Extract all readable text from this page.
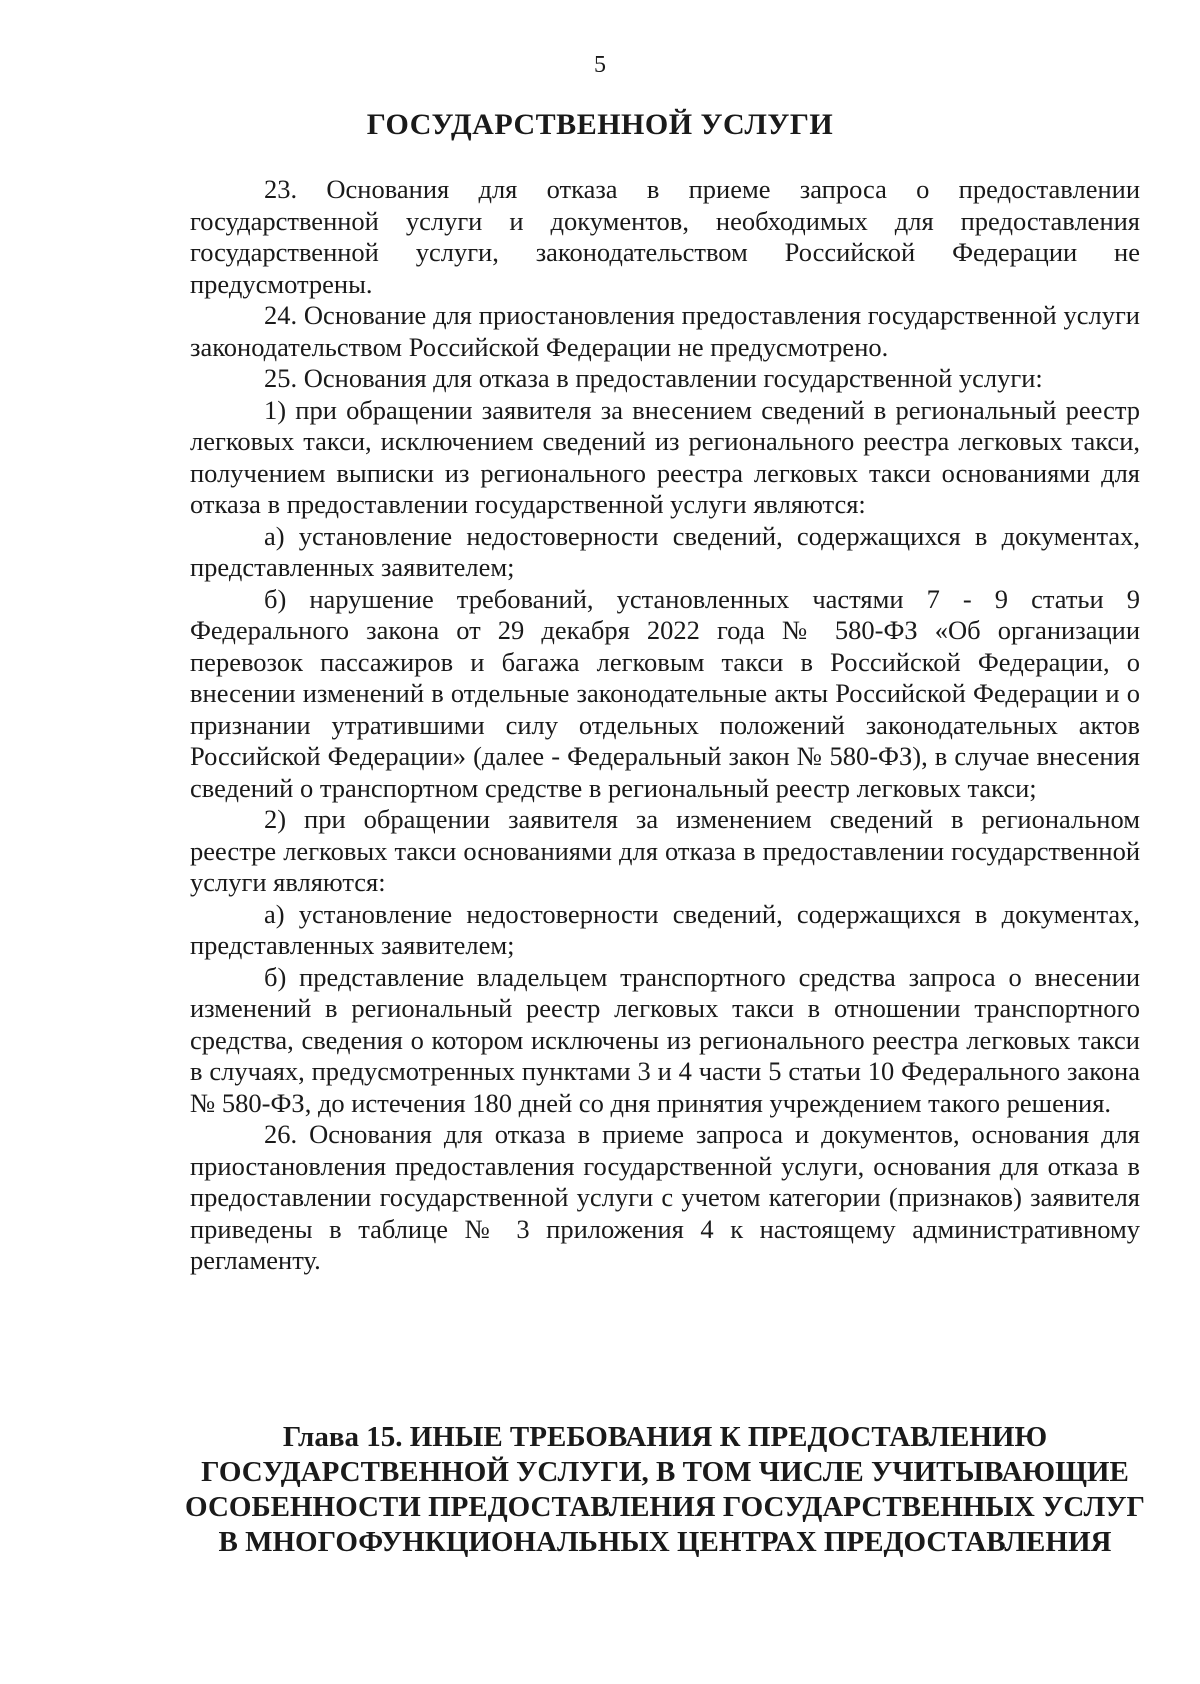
5
ГОСУДАРСТВЕННОЙ УСЛУГИ

23. Основания для отказа в приеме запроса о предоставлении государственной услуги и документов, необходимых для предоставления государственной услуги, законодательством Российской Федерации не предусмотрены.

24. Основание для приостановления предоставления государственной услуги законодательством Российской Федерации не предусмотрено.

25. Основания для отказа в предоставлении государственной услуги:

1) при обращении заявителя за внесением сведений в региональный реестр легковых такси, исключением сведений из регионального реестра легковых такси, получением выписки из регионального реестра легковых такси основаниями для отказа в предоставлении государственной услуги являются:

а) установление недостоверности сведений, содержащихся в документах, представленных заявителем;

б) нарушение требований, установленных частями 7 - 9 статьи 9 Федерального закона от 29 декабря 2022 года № 580-ФЗ «Об организации перевозок пассажиров и багажа легковым такси в Российской Федерации, о внесении изменений в отдельные законодательные акты Российской Федерации и о признании утратившими силу отдельных положений законодательных актов Российской Федерации» (далее - Федеральный закон № 580-ФЗ), в случае внесения сведений о транспортном средстве в региональный реестр легковых такси;

2) при обращении заявителя за изменением сведений в региональном реестре легковых такси основаниями для отказа в предоставлении государственной услуги являются:

а) установление недостоверности сведений, содержащихся в документах, представленных заявителем;

б) представление владельцем транспортного средства запроса о внесении изменений в региональный реестр легковых такси в отношении транспортного средства, сведения о котором исключены из регионального реестра легковых такси в случаях, предусмотренных пунктами 3 и 4 части 5 статьи 10 Федерального закона № 580-ФЗ, до истечения 180 дней со дня принятия учреждением такого решения.

26. Основания для отказа в приеме запроса и документов, основания для приостановления предоставления государственной услуги, основания для отказа в предоставлении государственной услуги с учетом категории (признаков) заявителя приведены в таблице № 3 приложения 4 к настоящему административному регламенту.

Глава 15. ИНЫЕ ТРЕБОВАНИЯ К ПРЕДОСТАВЛЕНИЮ
ГОСУДАРСТВЕННОЙ УСЛУГИ, В ТОМ ЧИСЛЕ УЧИТЫВАЮЩИЕ
ОСОБЕННОСТИ ПРЕДОСТАВЛЕНИЯ ГОСУДАРСТВЕННЫХ УСЛУГ
В МНОГОФУНКЦИОНАЛЬНЫХ ЦЕНТРАХ ПРЕДОСТАВЛЕНИЯ
